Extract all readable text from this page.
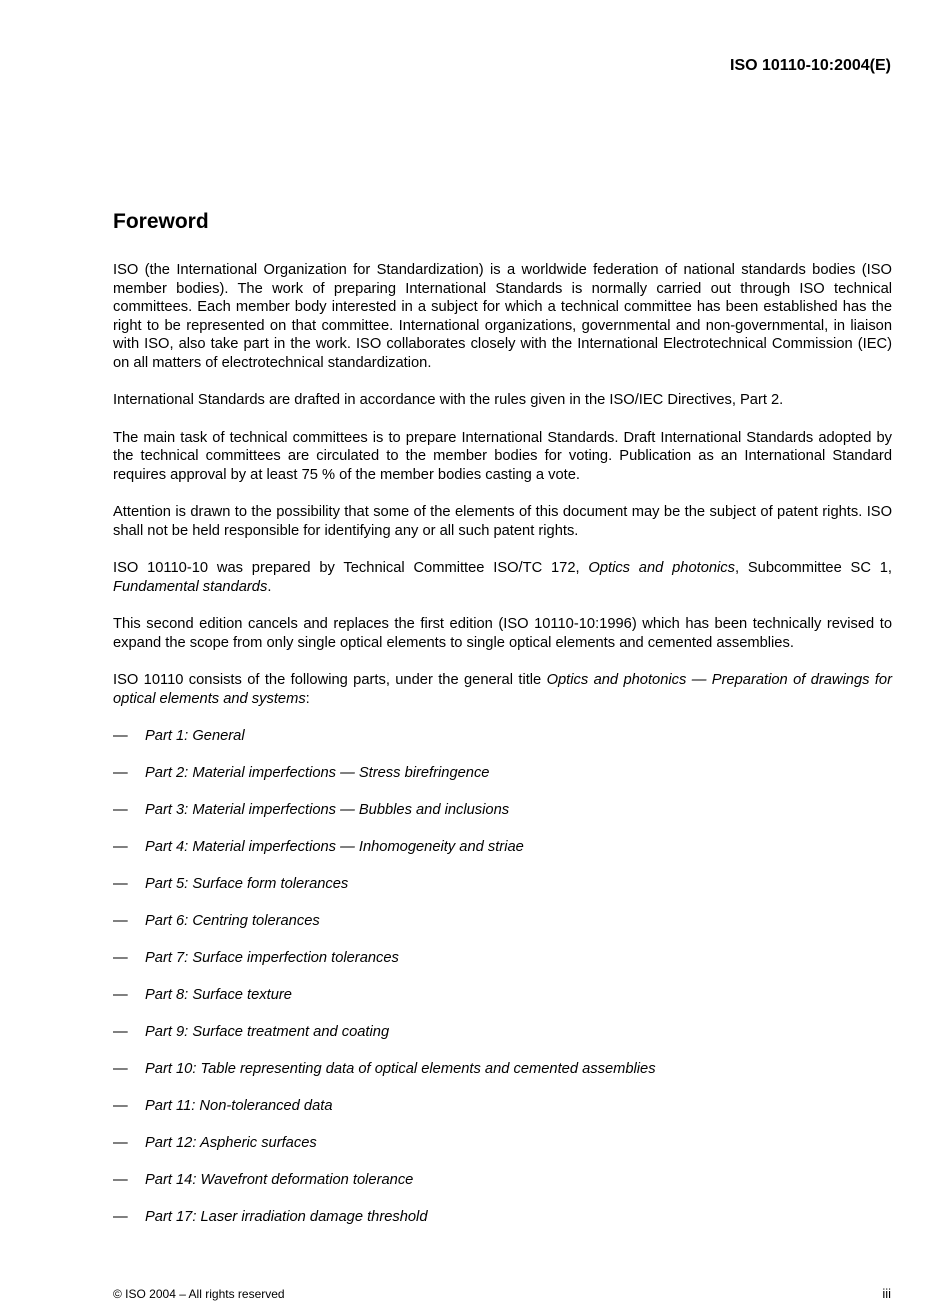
ISO 10110-10:2004(E)

Foreword

ISO (the International Organization for Standardization) is a worldwide federation of national standards bodies (ISO member bodies). The work of preparing International Standards is normally carried out through ISO technical committees. Each member body interested in a subject for which a technical committee has been established has the right to be represented on that committee. International organizations, governmental and non-governmental, in liaison with ISO, also take part in the work. ISO collaborates closely with the International Electrotechnical Commission (IEC) on all matters of electrotechnical standardization.

International Standards are drafted in accordance with the rules given in the ISO/IEC Directives, Part 2.

The main task of technical committees is to prepare International Standards. Draft International Standards adopted by the technical committees are circulated to the member bodies for voting. Publication as an International Standard requires approval by at least 75 % of the member bodies casting a vote.

Attention is drawn to the possibility that some of the elements of this document may be the subject of patent rights. ISO shall not be held responsible for identifying any or all such patent rights.

ISO 10110-10 was prepared by Technical Committee ISO/TC 172, Optics and photonics, Subcommittee SC 1, Fundamental standards.

This second edition cancels and replaces the first edition (ISO 10110-10:1996) which has been technically revised to expand the scope from only single optical elements to single optical elements and cemented assemblies.

ISO 10110 consists of the following parts, under the general title Optics and photonics — Preparation of drawings for optical elements and systems:

—	Part 1: General
—	Part 2: Material imperfections — Stress birefringence
—	Part 3: Material imperfections — Bubbles and inclusions
—	Part 4: Material imperfections — Inhomogeneity and striae
—	Part 5: Surface form tolerances
—	Part 6: Centring tolerances
—	Part 7: Surface imperfection tolerances
—	Part 8: Surface texture
—	Part 9: Surface treatment and coating
—	Part 10: Table representing data of optical elements and cemented assemblies
—	Part 11: Non-toleranced data
—	Part 12: Aspheric surfaces
—	Part 14: Wavefront deformation tolerance
—	Part 17: Laser irradiation damage threshold

© ISO 2004 – All rights reserved	iii
